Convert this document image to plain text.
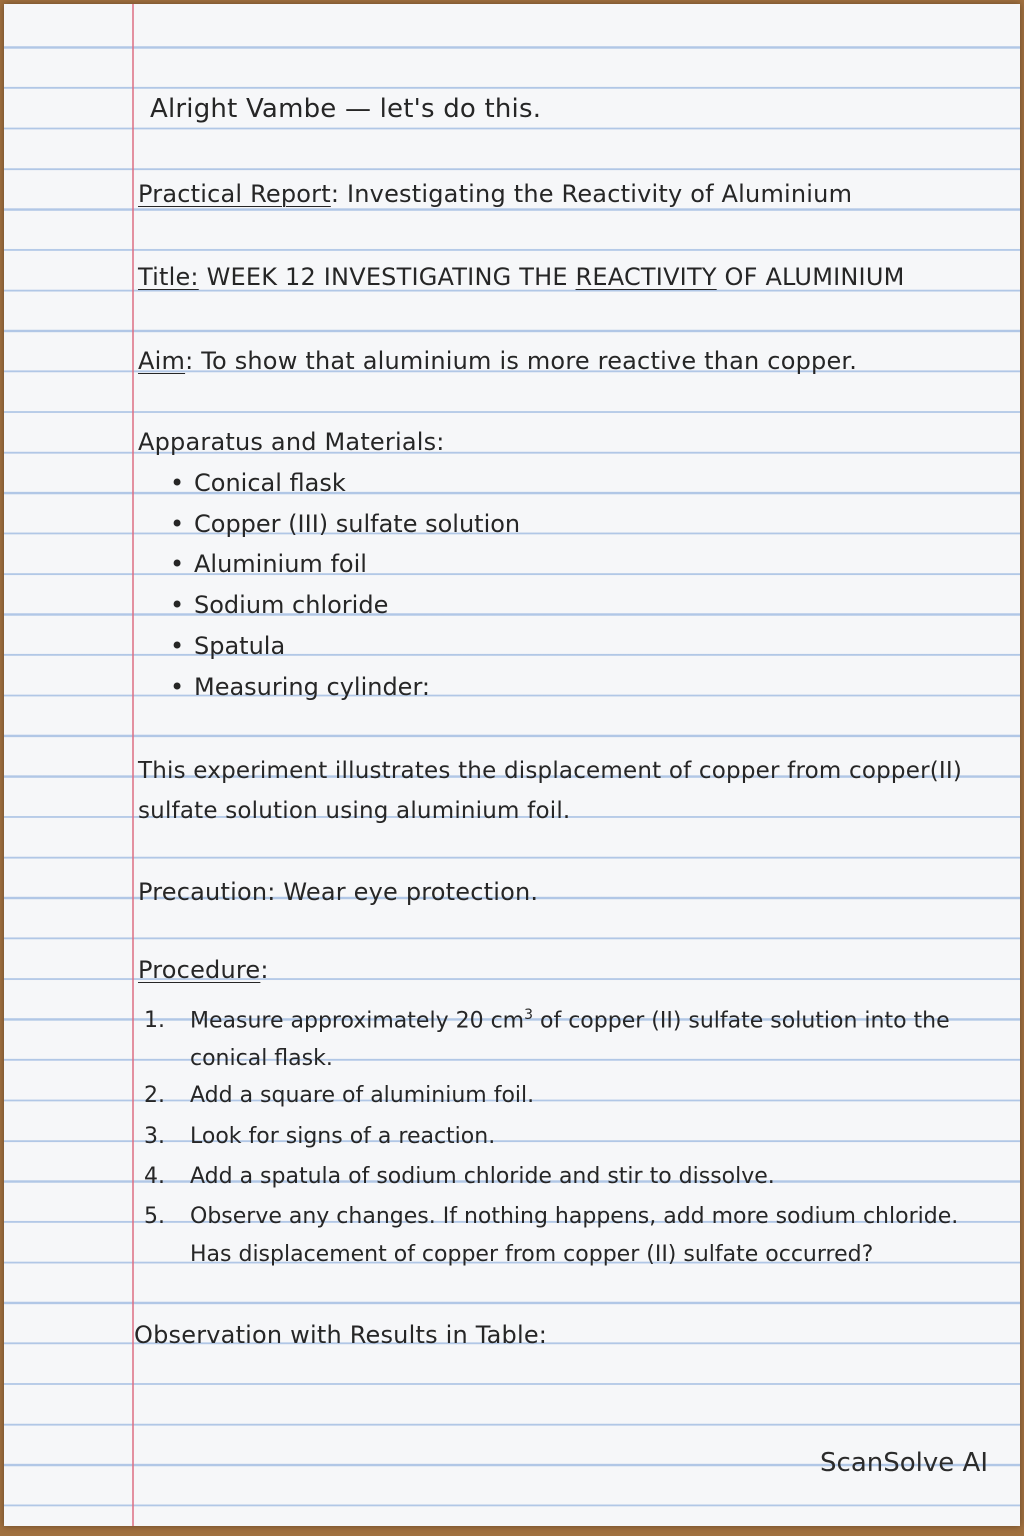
Alright Vambe — let's do this.
Practical Report: Investigating the Reactivity of Aluminium
Title: WEEK 12 INVESTIGATING THE REACTIVITY OF ALUMINIUM
Aim: To show that aluminium is more reactive than copper.
Apparatus and Materials:
• Conical flask
• Copper (III) sulfate solution
• Aluminium foil
• Sodium chloride
• Spatula
• Measuring cylinder:
This experiment illustrates the displacement of copper from copper(II)
sulfate solution using aluminium foil.
Precaution: Wear eye protection.
Procedure:
1. Measure approximately 20 $cm^3$ of copper (II) sulfate solution into the
conical flask.
2. Add a square of aluminium foil.
3. Look for signs of a reaction.
4. Add a spatula of sodium chloride and stir to dissolve.
5. Observe any changes. If nothing happens, add more sodium chloride.
Has displacement of copper from copper (II) sulfate occurred?
Observation with Results in Table:
ScanSolve AI
